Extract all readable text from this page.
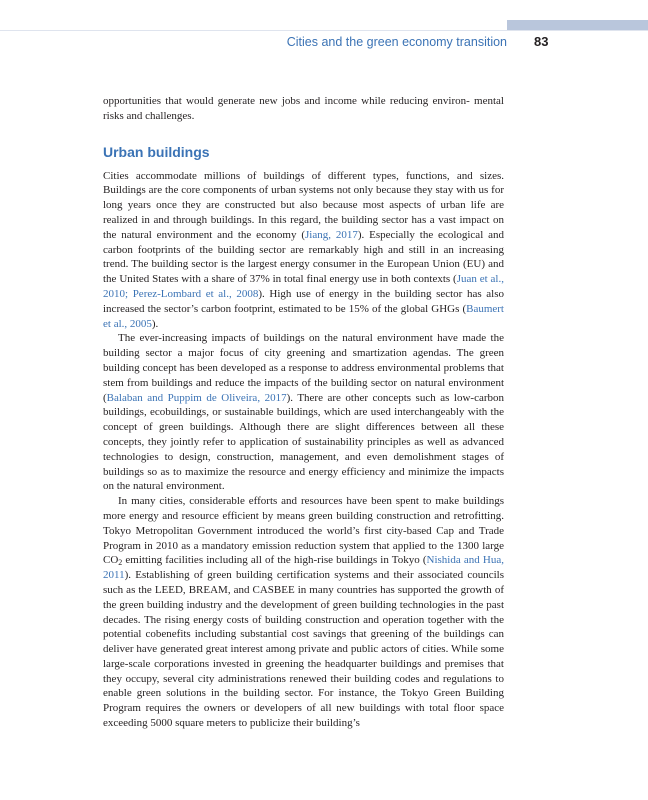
Cities and the green economy transition 83

opportunities that would generate new jobs and income while reducing environ- mental risks and challenges.

Urban buildings

Cities accommodate millions of buildings of different types, functions, and sizes. Buildings are the core components of urban systems not only because they stay with us for long years once they are constructed but also because most aspects of urban life are realized in and through buildings. In this regard, the building sector has a vast impact on the natural environment and the economy (Jiang, 2017). Especially the ecological and carbon footprints of the building sector are remarkably high and still in an increasing trend. The building sector is the largest energy consumer in the European Union (EU) and the United States with a share of 37% in total final energy use in both contexts (Juan et al., 2010; Perez-Lombard et al., 2008). High use of energy in the building sector has also increased the sector’s carbon footprint, estimated to be 15% of the global GHGs (Baumert et al., 2005).

The ever-increasing impacts of buildings on the natural environment have made the building sector a major focus of city greening and smartization agendas. The green building concept has been developed as a response to address environmental problems that stem from buildings and reduce the impacts of the building sector on natural environment (Balaban and Puppim de Oliveira, 2017). There are other concepts such as low-carbon buildings, ecobuildings, or sustainable buildings, which are used interchangeably with the concept of green buildings. Although there are slight differences between all these concepts, they jointly refer to application of sustainability principles as well as advanced technologies to design, construction, management, and even demolishment stages of buildings so as to maximize the resource and energy efficiency and minimize the impacts on the natural environment.

In many cities, considerable efforts and resources have been spent to make buildings more energy and resource efficient by means green building construction and retrofitting. Tokyo Metropolitan Government introduced the world’s first city-based Cap and Trade Program in 2010 as a mandatory emission reduction system that applied to the 1300 large $CO_2$ emitting facilities including all of the high-rise buildings in Tokyo (Nishida and Hua, 2011). Establishing of green building certification systems and their associated councils such as the LEED, BREAM, and CASBEE in many countries has supported the growth of the green building industry and the development of green building technologies in the past decades. The rising energy costs of building construction and operation together with the potential cobenefits including substantial cost savings that greening of the buildings can deliver have generated great interest among private and public actors of cities. While some large-scale corporations invested in greening the headquarter buildings and premises that they occupy, several city administrations renewed their building codes and regulations to enable green solutions in the building sector. For instance, the Tokyo Green Building Program requires the owners or developers of all new buildings with total floor space exceeding 5000 square meters to publicize their building’s
